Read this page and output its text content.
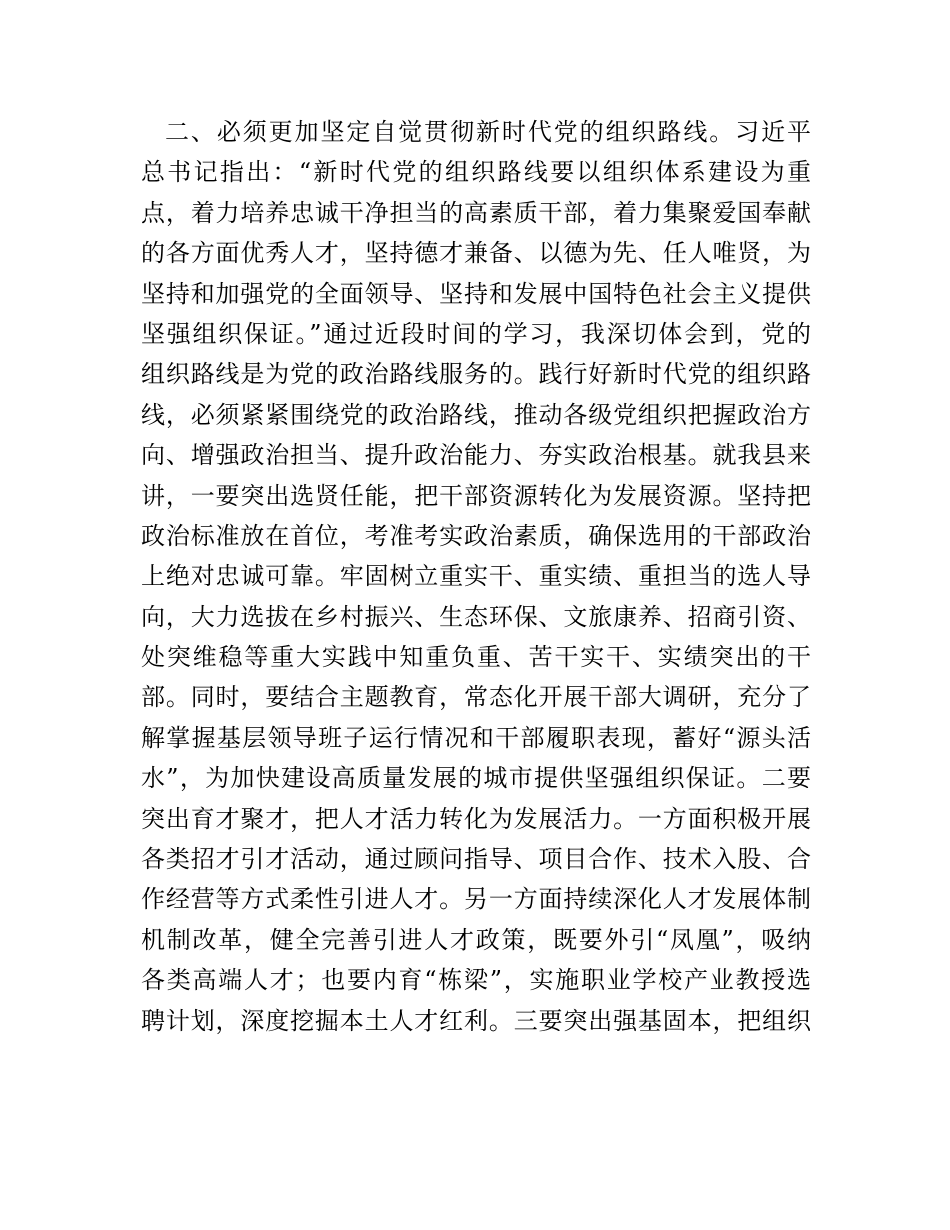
二、必须更加坚定自觉贯彻新时代党的组织路线。习近平
总书记指出：“新时代党的组织路线要以组织体系建设为重
点，着力培养忠诚干净担当的高素质干部，着力集聚爱国奉献
的各方面优秀人才，坚持德才兼备、以德为先、任人唯贤，为
坚持和加强党的全面领导、坚持和发展中国特色社会主义提供
坚强组织保证。”通过近段时间的学习，我深切体会到，党的
组织路线是为党的政治路线服务的。践行好新时代党的组织路
线，必须紧紧围绕党的政治路线，推动各级党组织把握政治方
向、增强政治担当、提升政治能力、夯实政治根基。就我县来
讲，一要突出选贤任能，把干部资源转化为发展资源。坚持把
政治标准放在首位，考准考实政治素质，确保选用的干部政治
上绝对忠诚可靠。牢固树立重实干、重实绩、重担当的选人导
向，大力选拔在乡村振兴、生态环保、文旅康养、招商引资、
处突维稳等重大实践中知重负重、苦干实干、实绩突出的干
部。同时，要结合主题教育，常态化开展干部大调研，充分了
解掌握基层领导班子运行情况和干部履职表现，蓄好“源头活
水”，为加快建设高质量发展的城市提供坚强组织保证。二要
突出育才聚才，把人才活力转化为发展活力。一方面积极开展
各类招才引才活动，通过顾问指导、项目合作、技术入股、合
作经营等方式柔性引进人才。另一方面持续深化人才发展体制
机制改革，健全完善引进人才政策，既要外引“凤凰”，吸纳
各类高端人才；也要内育“栋梁”，实施职业学校产业教授选
聘计划，深度挖掘本土人才红利。三要突出强基固本，把组织
